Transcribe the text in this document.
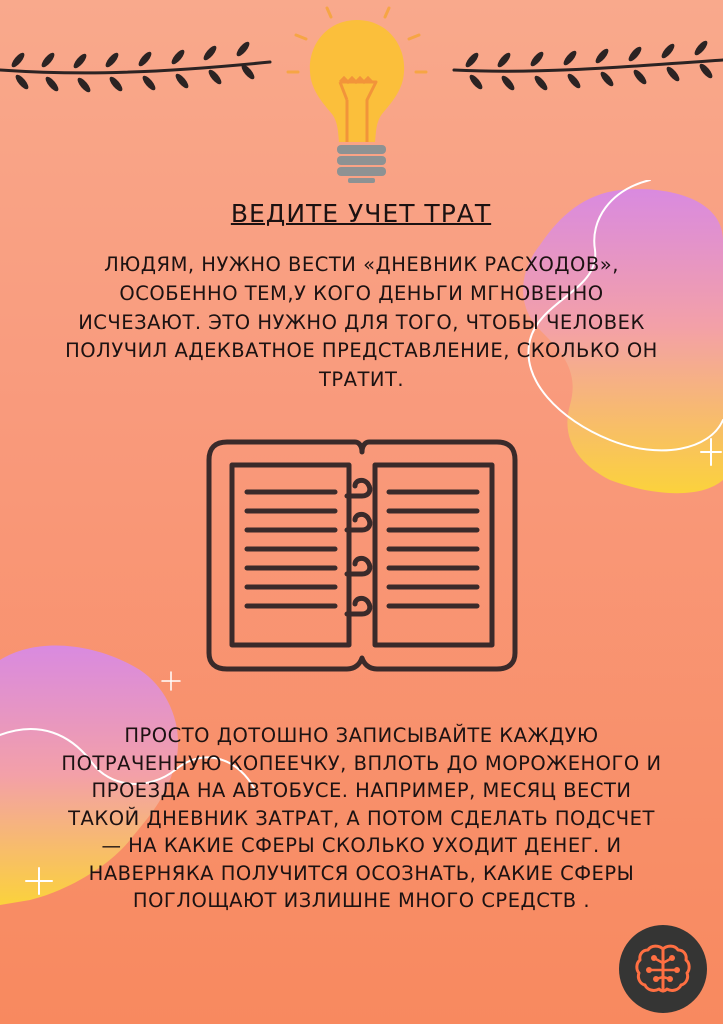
ВЕДИТЕ УЧЕТ ТРАТ
ЛЮДЯМ, НУЖНО ВЕСТИ «ДНЕВНИК РАСХОДОВ», ОСОБЕННО ТЕМ,У КОГО ДЕНЬГИ МГНОВЕННО ИСЧЕЗАЮТ. ЭТО НУЖНО ДЛЯ ТОГО, ЧТОБЫ ЧЕЛОВЕК ПОЛУЧИЛ АДЕКВАТНОЕ ПРЕДСТАВЛЕНИЕ, СКОЛЬКО ОН ТРАТИТ.
ПРОСТО ДОТОШНО ЗАПИСЫВАЙТЕ КАЖДУЮ ПОТРАЧЕННУЮ КОПЕЕЧКУ, ВПЛОТЬ ДО МОРОЖЕНОГО И ПРОЕЗДА НА АВТОБУСЕ. НАПРИМЕР, МЕСЯЦ ВЕСТИ ТАКОЙ ДНЕВНИК ЗАТРАТ, А ПОТОМ СДЕЛАТЬ ПОДСЧЕТ — НА КАКИЕ СФЕРЫ СКОЛЬКО УХОДИТ ДЕНЕГ. И НАВЕРНЯКА ПОЛУЧИТСЯ ОСОЗНАТЬ, КАКИЕ СФЕРЫ ПОГЛОЩАЮТ ИЗЛИШНЕ МНОГО СРЕДСТВ .
